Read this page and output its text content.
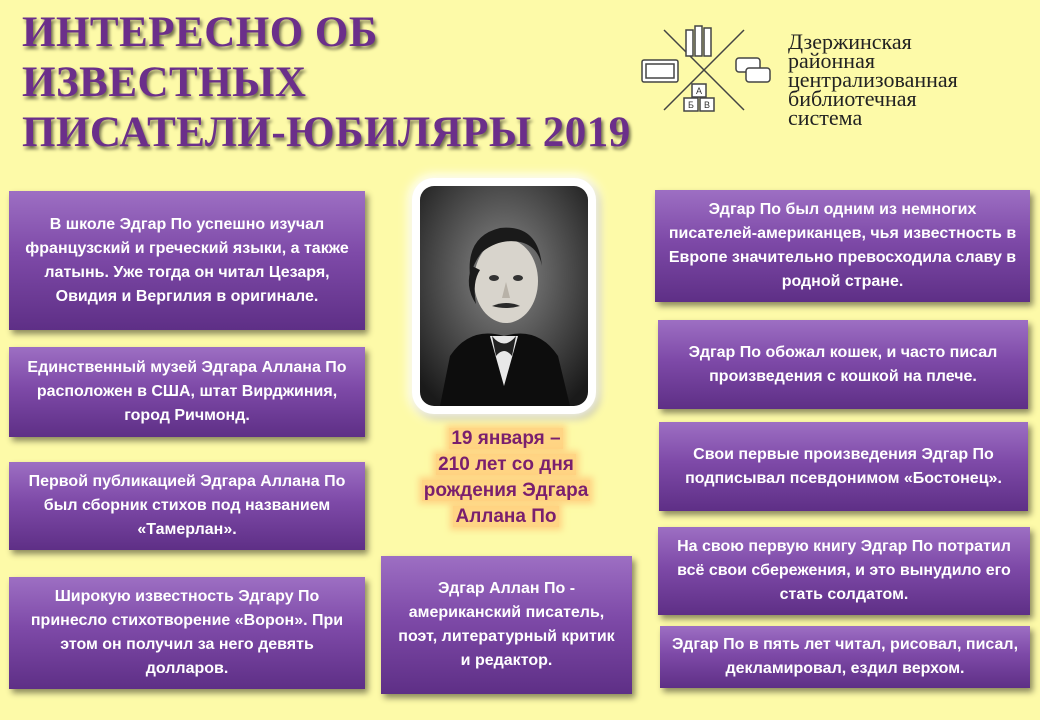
ИНТЕРЕСНО ОБ
ИЗВЕСТНЫХ
ПИСАТЕЛИ-ЮБИЛЯРЫ 2019
А
Б В
Дзержинская
районная
централизованная
библиотечная
система
В школе Эдгар По успешно изучал французский и греческий языки, а также латынь. Уже тогда он читал Цезаря, Овидия и Вергилия в оригинале.
Единственный музей Эдгара Аллана По расположен в США, штат Вирджиния, город Ричмонд.
Первой публикацией Эдгара Аллана По был сборник стихов под названием «Тамерлан».
Широкую известность Эдгару По принесло стихотворение «Ворон». При этом он получил за него девять долларов.
19 января –
210 лет со дня
рождения Эдгара
Аллана По
Эдгар Аллан По - американский писатель, поэт, литературный критик и редактор.
Эдгар По был одним из немногих писателей-американцев, чья известность в Европе значительно превосходила славу в родной стране.
Эдгар По обожал кошек, и часто писал произведения с кошкой на плече.
Свои первые произведения Эдгар По подписывал псевдонимом «Бостонец».
На свою первую книгу Эдгар По потратил всё свои сбережения, и это вынудило его стать солдатом.
Эдгар По в пять лет читал, рисовал, писал, декламировал, ездил верхом.
